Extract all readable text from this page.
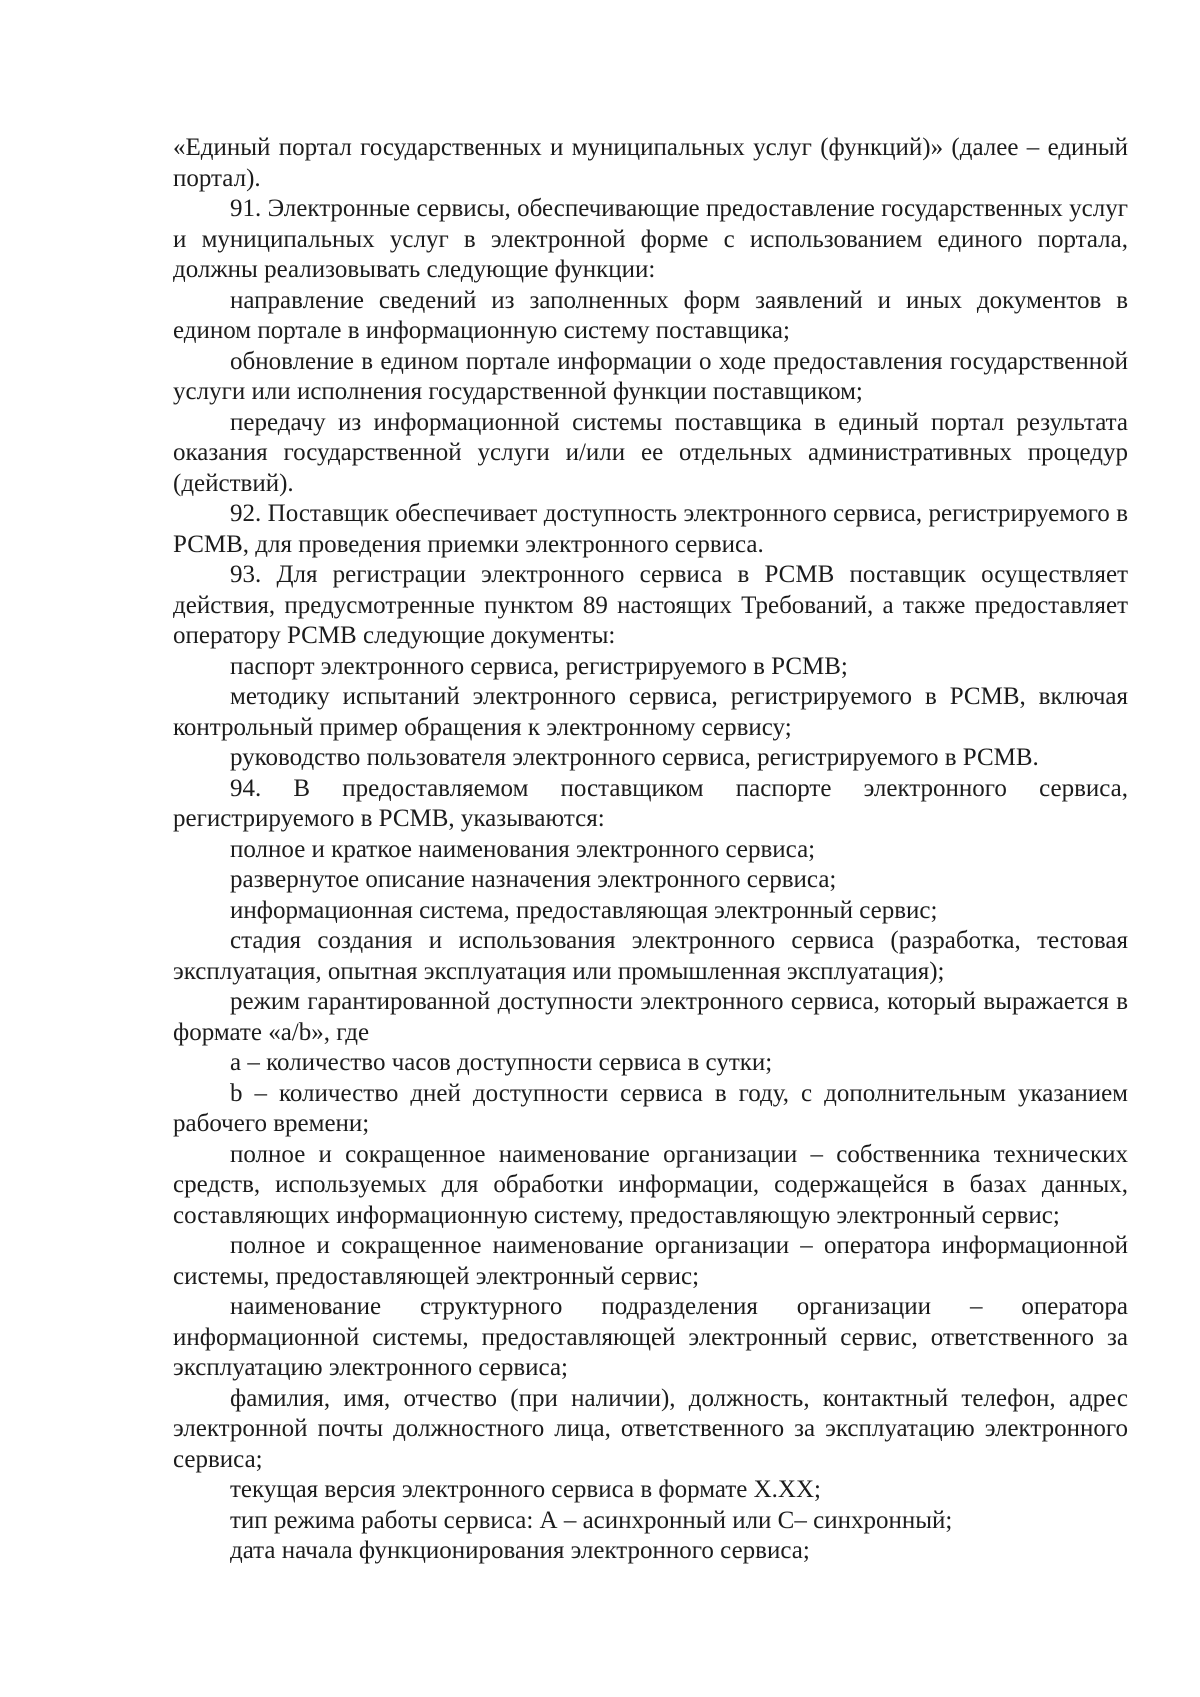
«Единый портал государственных и муниципальных услуг (функций)» (далее – единый портал).

91. Электронные сервисы, обеспечивающие предоставление государственных услуг и муниципальных услуг в электронной форме с использованием единого портала, должны реализовывать следующие функции:

направление сведений из заполненных форм заявлений и иных документов в едином портале в информационную систему поставщика;

обновление в едином портале информации о ходе предоставления государственной услуги или исполнения государственной функции поставщиком;

передачу из информационной системы поставщика в единый портал результата оказания государственной услуги и/или ее отдельных административных процедур (действий).

92. Поставщик обеспечивает доступность электронного сервиса, регистрируемого в РСМВ, для проведения приемки электронного сервиса.

93. Для регистрации электронного сервиса в РСМВ поставщик осуществляет действия, предусмотренные пунктом 89 настоящих Требований, а также предоставляет оператору РСМВ следующие документы:

паспорт электронного сервиса, регистрируемого в РСМВ;

методику испытаний электронного сервиса, регистрируемого в РСМВ, включая контрольный пример обращения к электронному сервису;

руководство пользователя электронного сервиса, регистрируемого в РСМВ.

94. В предоставляемом поставщиком паспорте электронного сервиса, регистрируемого в РСМВ, указываются:

полное и краткое наименования электронного сервиса;

развернутое описание назначения электронного сервиса;

информационная система, предоставляющая электронный сервис;

стадия создания и использования электронного сервиса (разработка, тестовая эксплуатация, опытная эксплуатация или промышленная эксплуатация);

режим гарантированной доступности электронного сервиса, который выражается в формате «a/b», где

a – количество часов доступности сервиса в сутки;

b – количество дней доступности сервиса в году, с дополнительным указанием рабочего времени;

полное и сокращенное наименование организации – собственника технических средств, используемых для обработки информации, содержащейся в базах данных, составляющих информационную систему, предоставляющую электронный сервис;

полное и сокращенное наименование организации – оператора информационной системы, предоставляющей электронный сервис;

наименование структурного подразделения организации – оператора информационной системы, предоставляющей электронный сервис, ответственного за эксплуатацию электронного сервиса;

фамилия, имя, отчество (при наличии), должность, контактный телефон, адрес электронной почты должностного лица, ответственного за эксплуатацию электронного сервиса;

текущая версия электронного сервиса в формате X.XX;

тип режима работы сервиса: А – асинхронный или С– синхронный;

дата начала функционирования электронного сервиса;
